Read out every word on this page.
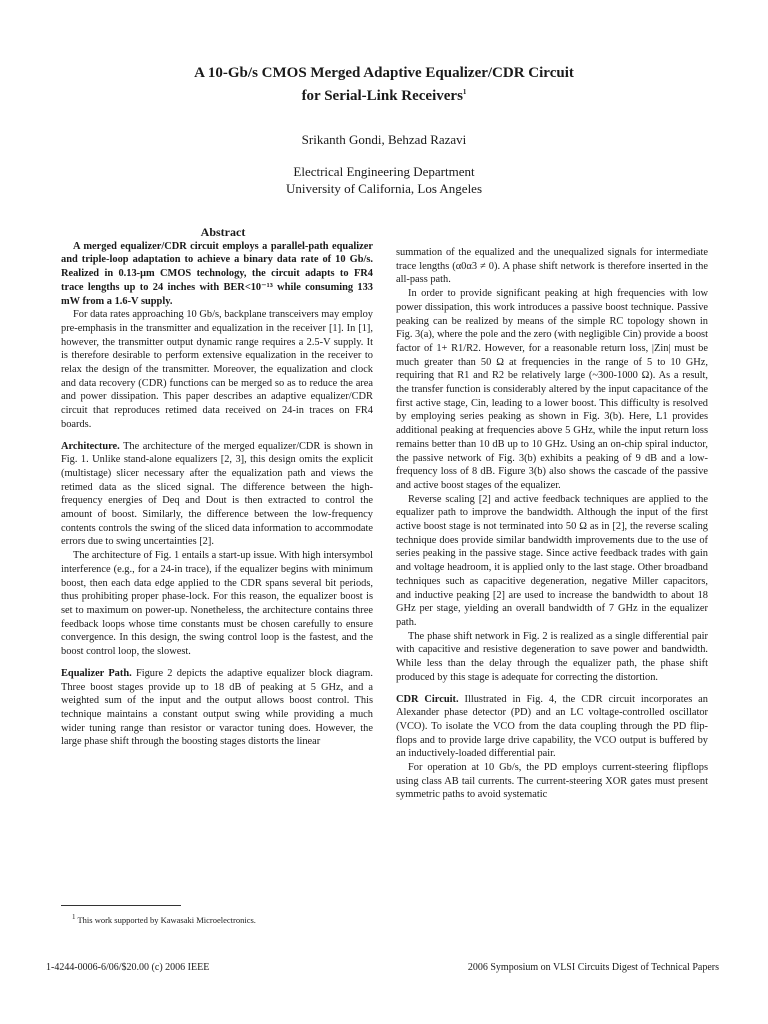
A 10-Gb/s CMOS Merged Adaptive Equalizer/CDR Circuit
for Serial-Link Receivers$^1$
Srikanth Gondi, Behzad Razavi
Electrical Engineering Department
University of California, Los Angeles

Abstract

A merged equalizer/CDR circuit employs a parallel-path equalizer and triple-loop adaptation to achieve a binary data rate of 10 Gb/s. Realized in 0.13-μm CMOS technology, the circuit adapts to FR4 trace lengths up to 24 inches with BER<10⁻¹³ while consuming 133 mW from a 1.6-V supply.

For data rates approaching 10 Gb/s, backplane transceivers may employ pre-emphasis in the transmitter and equalization in the receiver [1]. In [1], however, the transmitter output dynamic range requires a 2.5-V supply. It is therefore desirable to perform extensive equalization in the receiver to relax the design of the transmitter. Moreover, the equalization and clock and data recovery (CDR) functions can be merged so as to reduce the area and power dissipation. This paper describes an adaptive equalizer/CDR circuit that reproduces retimed data received on 24-in traces on FR4 boards.

Architecture. The architecture of the merged equalizer/CDR is shown in Fig. 1. Unlike stand-alone equalizers [2, 3], this design omits the explicit (multistage) slicer necessary after the equalization path and views the retimed data as the sliced signal. The difference between the high-frequency energies of Deq and Dout is then extracted to control the amount of boost. Similarly, the difference between the low-frequency contents controls the swing of the sliced data information to accommodate errors due to swing uncertainties [2].

The architecture of Fig. 1 entails a start-up issue. With high intersymbol interference (e.g., for a 24-in trace), if the equalizer begins with minimum boost, then each data edge applied to the CDR spans several bit periods, thus prohibiting proper phase-lock. For this reason, the equalizer boost is set to maximum on power-up. Nonetheless, the architecture contains three feedback loops whose time constants must be chosen carefully to ensure convergence. In this design, the swing control loop is the fastest, and the boost control loop, the slowest.

Equalizer Path. Figure 2 depicts the adaptive equalizer block diagram. Three boost stages provide up to 18 dB of peaking at 5 GHz, and a weighted sum of the input and the output allows boost control. This technique maintains a constant output swing while providing a much wider tuning range than resistor or varactor tuning does. However, the large phase shift through the boosting stages distorts the linear

summation of the equalized and the unequalized signals for intermediate trace lengths (α0α3 ≠ 0). A phase shift network is therefore inserted in the all-pass path.

In order to provide significant peaking at high frequencies with low power dissipation, this work introduces a passive boost technique. Passive peaking can be realized by means of the simple RC topology shown in Fig. 3(a), where the pole and the zero (with negligible Cin) provide a boost factor of 1+ R1/R2. However, for a reasonable return loss, |Zin| must be much greater than 50 Ω at frequencies in the range of 5 to 10 GHz, requiring that R1 and R2 be relatively large (~300-1000 Ω). As a result, the transfer function is considerably altered by the input capacitance of the first active stage, Cin, leading to a lower boost. This difficulty is resolved by employing series peaking as shown in Fig. 3(b). Here, L1 provides additional peaking at frequencies above 5 GHz, while the input return loss remains better than 10 dB up to 10 GHz. Using an on-chip spiral inductor, the passive network of Fig. 3(b) exhibits a peaking of 9 dB and a low-frequency loss of 8 dB. Figure 3(b) also shows the cascade of the passive and active boost stages of the equalizer.

Reverse scaling [2] and active feedback techniques are applied to the equalizer path to improve the bandwidth. Although the input of the first active boost stage is not terminated into 50 Ω as in [2], the reverse scaling technique does provide similar bandwidth improvements due to the use of series peaking in the passive stage. Since active feedback trades with gain and voltage headroom, it is applied only to the last stage. Other broadband techniques such as capacitive degeneration, negative Miller capacitors, and inductive peaking [2] are used to increase the bandwidth to about 18 GHz per stage, yielding an overall bandwidth of 7 GHz in the equalizer path.

The phase shift network in Fig. 2 is realized as a single differential pair with capacitive and resistive degeneration to save power and bandwidth. While less than the delay through the equalizer path, the phase shift produced by this stage is adequate for correcting the distortion.

CDR Circuit. Illustrated in Fig. 4, the CDR circuit incorporates an Alexander phase detector (PD) and an LC voltage-controlled oscillator (VCO). To isolate the VCO from the data coupling through the PD flip-flops and to provide large drive capability, the VCO output is buffered by an inductively-loaded differential pair.

For operation at 10 Gb/s, the PD employs current-steering flipflops using class AB tail currents. The current-steering XOR gates must present symmetric paths to avoid systematic

$^1$ This work supported by Kawasaki Microelectronics.
1-4244-0006-6/06/$20.00 (c) 2006 IEEE	2006 Symposium on VLSI Circuits Digest of Technical Papers
